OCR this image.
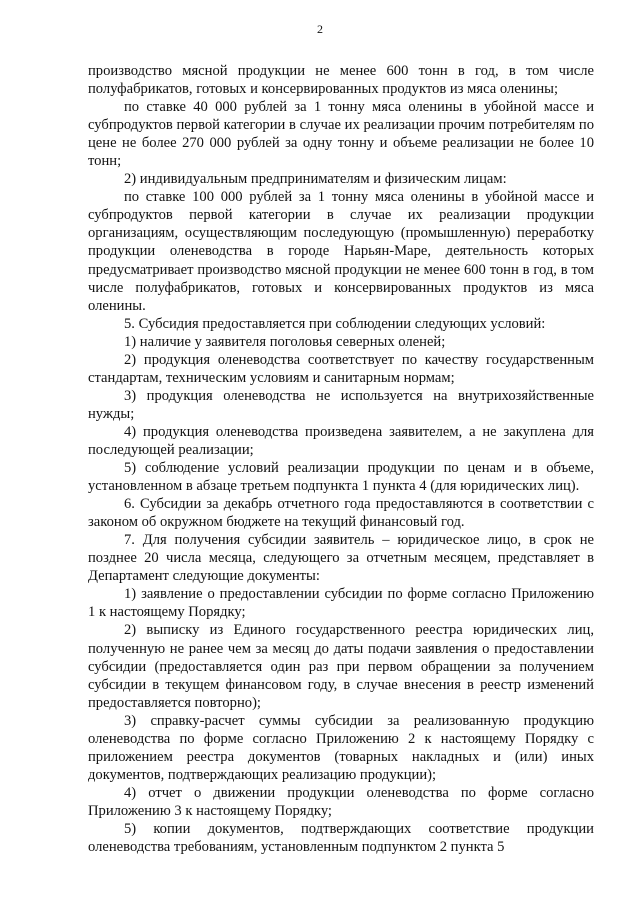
2

производство мясной продукции не менее 600 тонн в год, в том числе полуфабрикатов, готовых и консервированных продуктов из мяса оленины;

по ставке 40 000 рублей за 1 тонну мяса оленины в убойной массе и субпродуктов первой категории в случае их реализации прочим потребителям по цене не более 270 000 рублей за одну тонну и объеме реализации не более 10 тонн;

2) индивидуальным предпринимателям и физическим лицам:

по ставке 100 000 рублей за 1 тонну мяса оленины в убойной массе и субпродуктов первой категории в случае их реализации продукции организациям, осуществляющим последующую (промышленную) переработку продукции оленеводства в городе Нарьян-Маре, деятельность которых предусматривает производство мясной продукции не менее 600 тонн в год, в том числе полуфабрикатов, готовых и консервированных продуктов из мяса оленины.

5. Субсидия предоставляется при соблюдении следующих условий:

1) наличие у заявителя поголовья северных оленей;

2) продукция оленеводства соответствует по качеству государственным стандартам, техническим условиям и санитарным нормам;

3) продукция оленеводства не используется на внутрихозяйственные нужды;

4) продукция оленеводства произведена заявителем, а не закуплена для последующей реализации;

5) соблюдение условий реализации продукции по ценам и в объеме, установленном в абзаце третьем подпункта 1 пункта 4 (для юридических лиц).

6. Субсидии за декабрь отчетного года предоставляются в соответствии с законом об окружном бюджете на текущий финансовый год.

7. Для получения субсидии заявитель – юридическое лицо, в срок не позднее 20 числа месяца, следующего за отчетным месяцем, представляет в Департамент следующие документы:

1) заявление о предоставлении субсидии по форме согласно Приложению 1 к настоящему Порядку;

2) выписку из Единого государственного реестра юридических лиц, полученную не ранее чем за месяц до даты подачи заявления о предоставлении субсидии (предоставляется один раз при первом обращении за получением субсидии в текущем финансовом году, в случае внесения в реестр изменений предоставляется повторно);

3) справку-расчет суммы субсидии за реализованную продукцию оленеводства по форме согласно Приложению 2 к настоящему Порядку с приложением реестра документов (товарных накладных и (или) иных документов, подтверждающих реализацию продукции);

4) отчет о движении продукции оленеводства по форме согласно Приложению 3 к настоящему Порядку;

5) копии документов, подтверждающих соответствие продукции оленеводства требованиям, установленным подпунктом 2 пункта 5
